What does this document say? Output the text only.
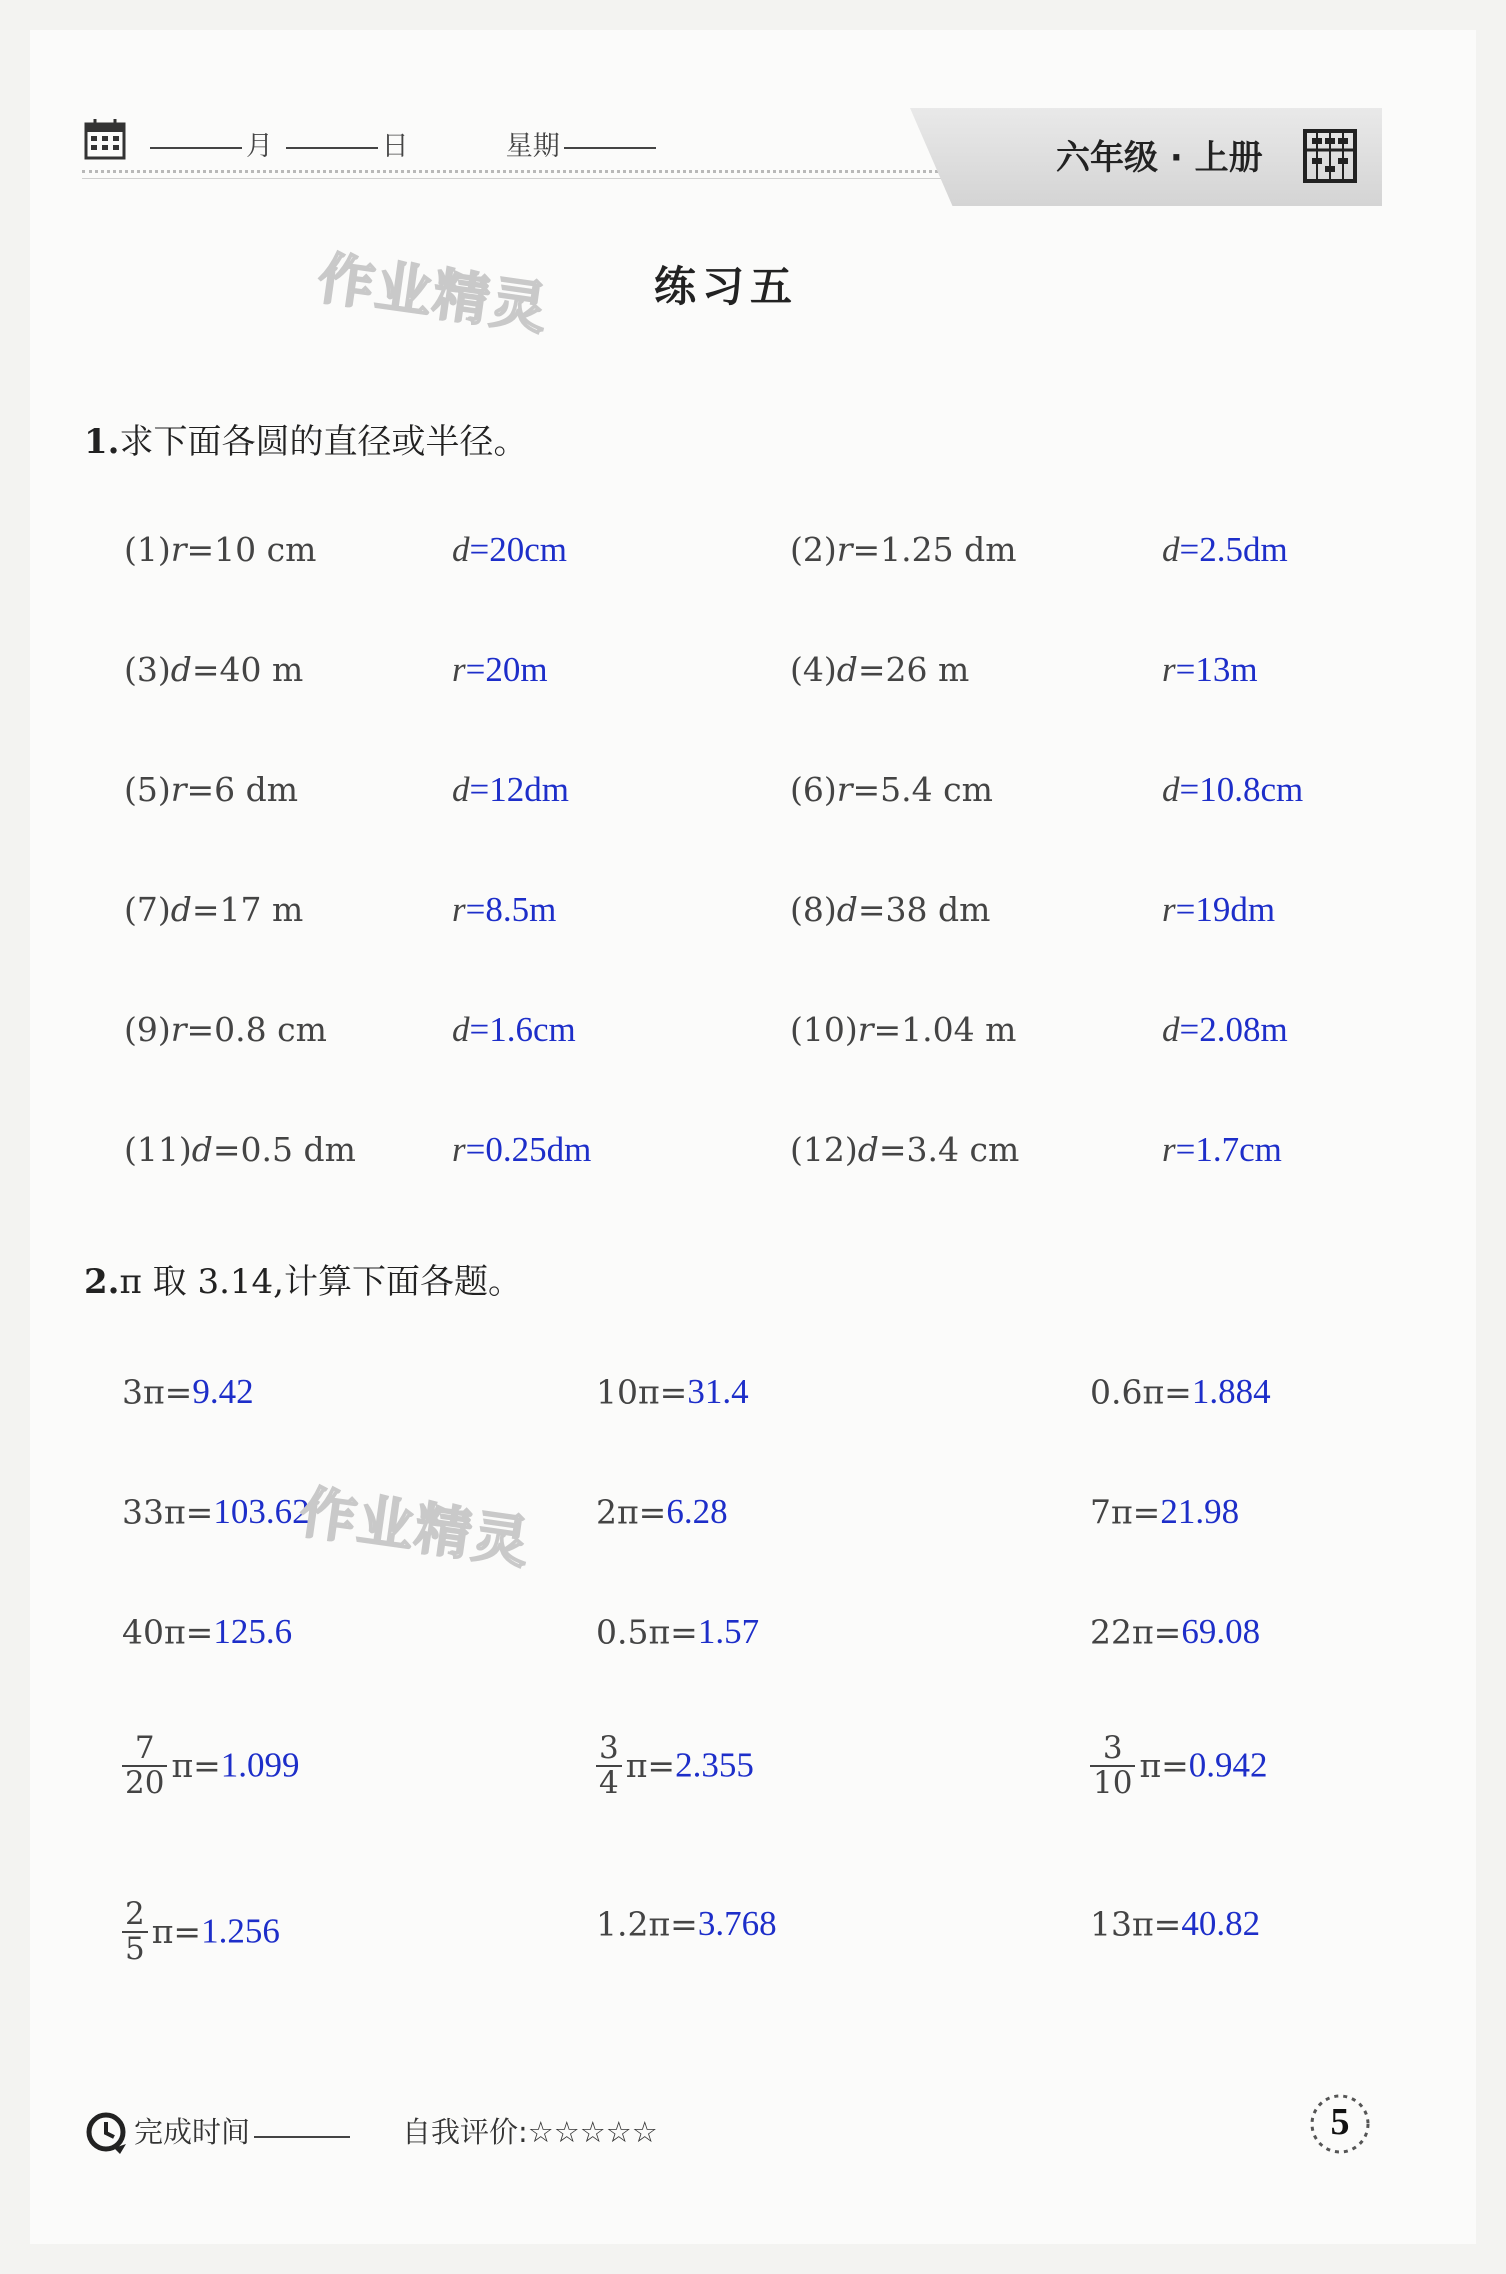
月	日	星期	六年级 · 上册
作业精灵 练习五
1.求下面各圆的直径或半径。
(1)r=10 cm	d=20cm	(2)r=1.25 dm	d=2.5dm
(3)d=40 m	r=20m	(4)d=26 m	r=13m
(5)r=6 dm	d=12dm	(6)r=5.4 cm	d=10.8cm
(7)d=17 m	r=8.5m	(8)d=38 dm	r=19dm
(9)r=0.8 cm	d=1.6cm	(10)r=1.04 m	d=2.08m
(11)d=0.5 dm	r=0.25dm	(12)d=3.4 cm	r=1.7cm
2.π 取 3.14,计算下面各题。
3π=9.42	10π=31.4	0.6π=1.884
33π=103.62	2π=6.28	7π=21.98
40π=125.6	0.5π=1.57	22π=69.08
$\frac{7}{20} \pi=1.099$	$\frac{3}{4} \pi=2.355$	$\frac{3}{10} \pi=0.942$
$\frac{2}{5} \pi=1.256$	1.2π=3.768	13π=40.82
作业精灵
完成时间	自我评价:☆☆☆☆☆	5
